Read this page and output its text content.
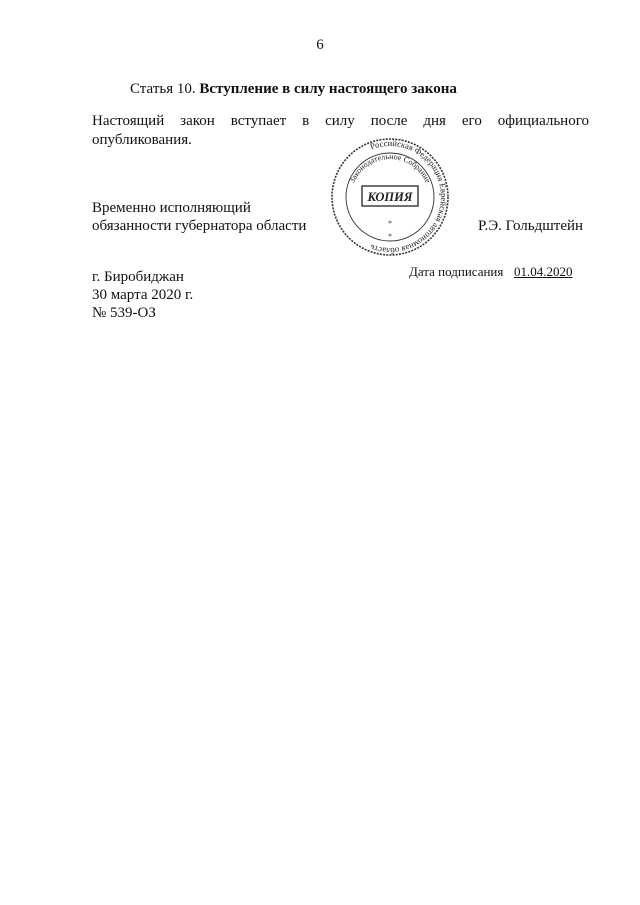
6
Статья 10. Вступление в силу настоящего закона
Настоящий закон вступает в силу после дня его официального
опубликования.
Временно исполняющий
обязанности губернатора области	Р.Э. Гольдштейн
Российская Федерация Еврейская автономная область
Законодательное Собрание
КОПИЯ
*
*
Дата подписания 01.04.2020
г. Биробиджан
30 марта 2020 г.
№ 539-ОЗ
